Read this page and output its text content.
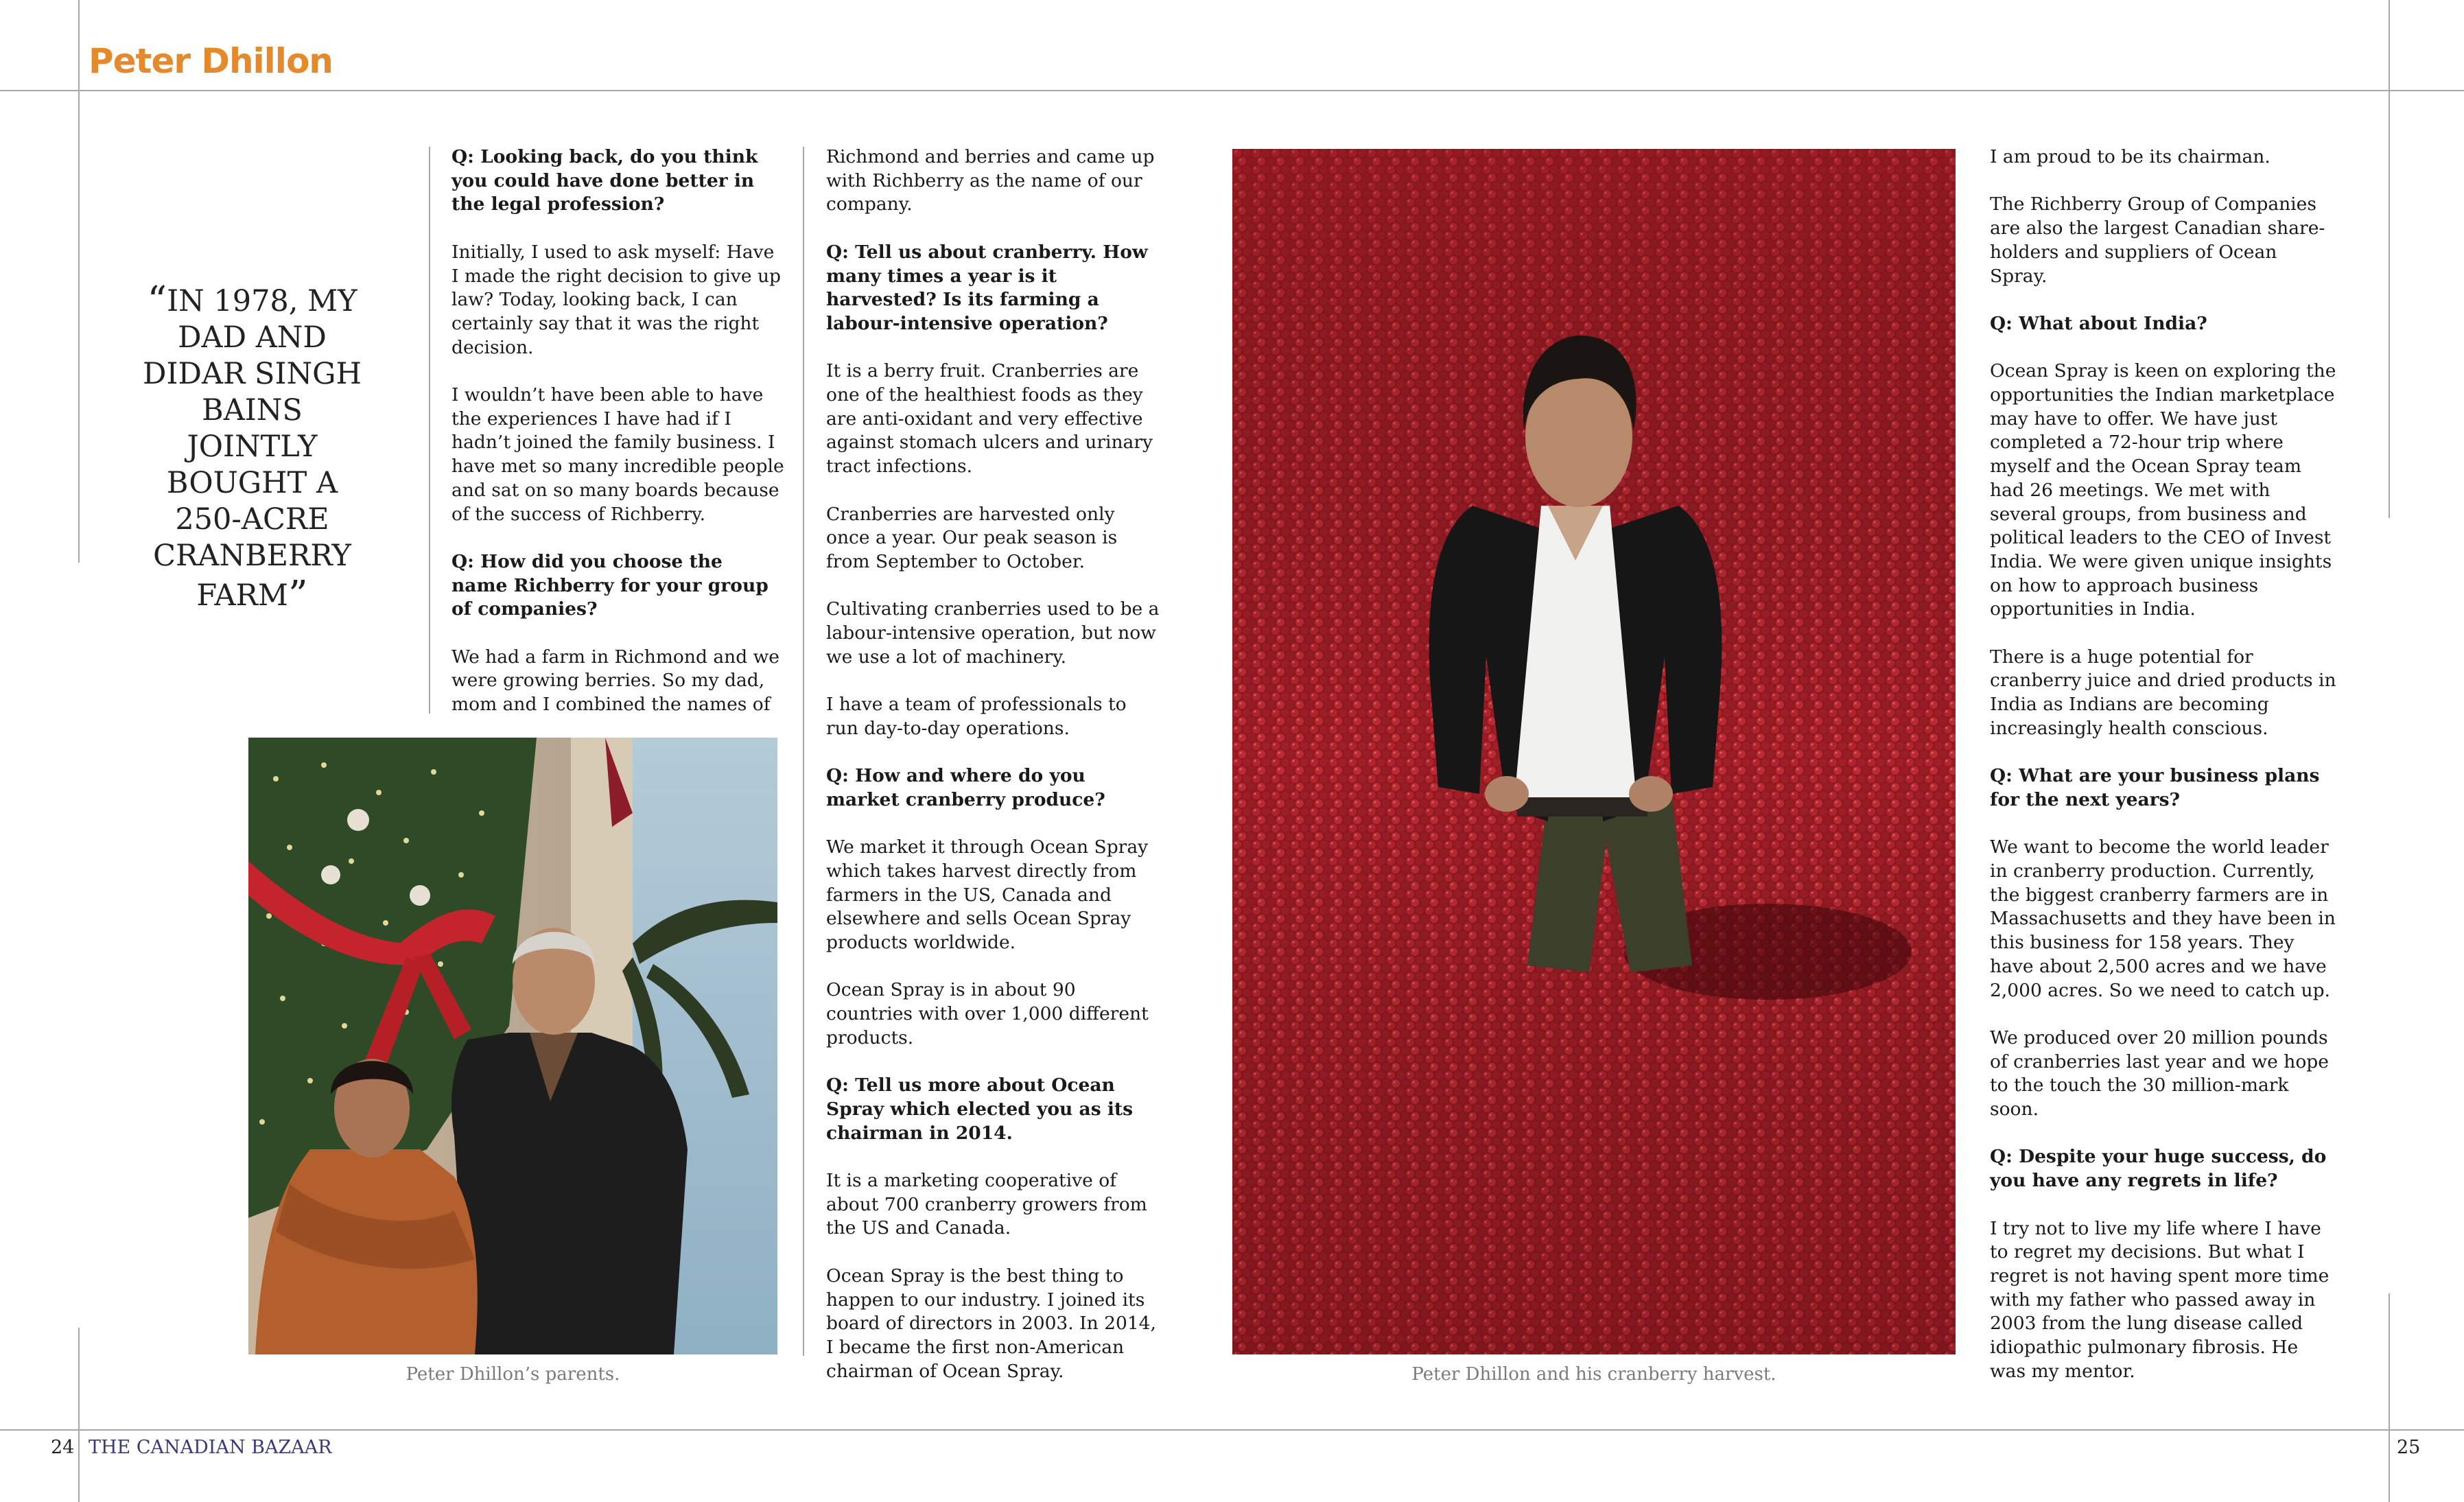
Peter Dhillon
“IN 1978, MY DAD AND DIDAR SINGH BAINS JOINTLY BOUGHT A 250-ACRE CRANBERRY FARM”

Q: Looking back, do you think you could have done better in the legal profession?

Initially, I used to ask myself: Have I made the right decision to give up law? Today, looking back, I can certainly say that it was the right decision.

I wouldn’t have been able to have the experiences I have had if I hadn’t joined the family business. I have met so many incredible people and sat on so many boards because of the success of Richberry.

Q: How did you choose the name Richberry for your group of companies?

We had a farm in Richmond and we were growing berries. So my dad, mom and I combined the names of

Richmond and berries and came up with Richberry as the name of our company.

Q: Tell us about cranberry. How many times a year is it harvested? Is its farming a labour-intensive operation?

It is a berry fruit. Cranberries are one of the healthiest foods as they are anti-oxidant and very effective against stomach ulcers and urinary tract infections.

Cranberries are harvested only once a year. Our peak season is from September to October.

Cultivating cranberries used to be a labour-intensive operation, but now we use a lot of machinery.

I have a team of professionals to run day-to-day operations.

Q: How and where do you market cranberry produce?

We market it through Ocean Spray which takes harvest directly from farmers in the US, Canada and elsewhere and sells Ocean Spray products worldwide.

Ocean Spray is in about 90 countries with over 1,000 different products.

Q: Tell us more about Ocean Spray which elected you as its chairman in 2014.

It is a marketing cooperative of about 700 cranberry growers from the US and Canada.

Ocean Spray is the best thing to happen to our industry. I joined its board of directors in 2003. In 2014, I became the first non-American chairman of Ocean Spray.

I am proud to be its chairman.

The Richberry Group of Companies are also the largest Canadian shareholders and suppliers of Ocean Spray.

Q: What about India?

Ocean Spray is keen on exploring the opportunities the Indian marketplace may have to offer. We have just completed a 72-hour trip where myself and the Ocean Spray team had 26 meetings. We met with several groups, from business and political leaders to the CEO of Invest India. We were given unique insights on how to approach business opportunities in India.

There is a huge potential for cranberry juice and dried products in India as Indians are becoming increasingly health conscious.

Q: What are your business plans for the next years?

We want to become the world leader in cranberry production. Currently, the biggest cranberry farmers are in Massachusetts and they have been in this business for 158 years. They have about 2,500 acres and we have 2,000 acres. So we need to catch up.

We produced over 20 million pounds of cranberries last year and we hope to the touch the 30 million-mark soon.

Q: Despite your huge success, do you have any regrets in life?

I try not to live my life where I have to regret my decisions. But what I regret is not having spent more time with my father who passed away in 2003 from the lung disease called idiopathic pulmonary fibrosis. He was my mentor.

Peter Dhillon’s parents.	Peter Dhillon and his cranberry harvest.
24 THE CANADIAN BAZAAR	25
